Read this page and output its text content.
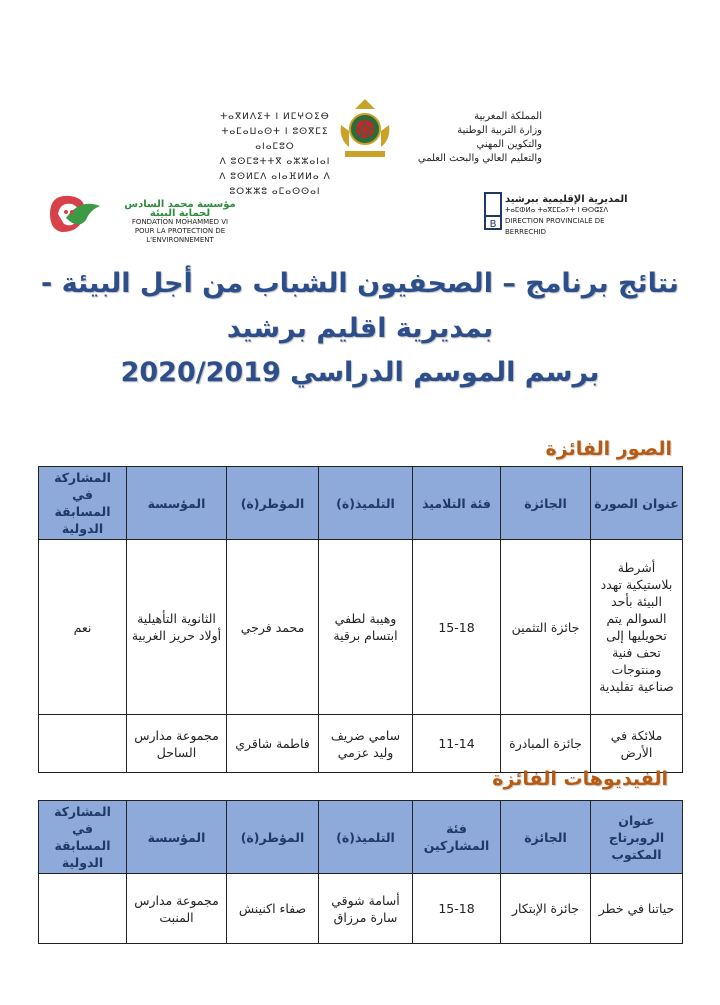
ⵜⴰⴳⵍⴷⵉⵜ ⵏ ⵍⵎⵖⵔⵉⴱ
ⵜⴰⵎⴰⵡⴰⵙⵜ ⵏ ⵓⵙⴳⵎⵉ ⴰⵏⴰⵎⵓⵔ
ⴷ ⵓⵙⵎⵓⵜⵜⴳ ⴰⵣⵣⴰⵏⴰⵏ
ⴷ ⵓⵙⵍⵎⴷ ⴰⵏⴰⴼⵍⵍⴰ ⴷ ⵓⵔⵣⵣⵓ ⴰⵎⴰⵙⵙⴰⵏ
المملكة المغربية
وزارة التربية الوطنية
والتكوين المهني
والتعليم العالي والبحث العلمي
مؤسسة محمد السادس لحماية البيئة
FONDATION MOHAMMED VI
POUR LA PROTECTION DE L'ENVIRONNEMENT
B
المديرية الإقليمية ببرشيد
ⵜⴰⵎⵀⵍⴰ ⵜⴰⴳⵎⵎⴰⵢⵜ ⵏ ⴱⵔⵛⵉⴷ
DIRECTION PROVINCIALE DE BERRECHID
نتائج برنامج – الصحفيون الشباب من أجل البيئة -
بمديرية اقليم برشيد
برسم الموسم الدراسي 2020/2019
الصور الفائزة
عنوان الصورة	الجائزة	فئة التلاميذ	التلميذ(ة)	المؤطر(ة)	المؤسسة	المشاركة في المسابقة الدولية
أشرطة بلاستيكية تهدد البيئة بأحد السوالم يتم تحويليها إلى تحف فنية ومنتوجات صناعية تقليدية	جائزة التثمين	15-18	وهيبة لطفي ابتسام برقية	محمد فرجي	الثانوية التأهيلية أولاد حريز الغربية	نعم
ملائكة في الأرض	جائزة المبادرة	11-14	سامي ضريف وليد عزمي	فاطمة شاقري	مجموعة مدارس الساحل	
الفيديوهات الفائزة
عنوان الروبرتاج المكتوب	الجائزة	فئة المشاركين	التلميذ(ة)	المؤطر(ة)	المؤسسة	المشاركة في المسابقة الدولية
حياتنا في خطر	جائزة الإبتكار	15-18	أسامة شوقي سارة مرزاق	صفاء اكنينش	مجموعة مدارس المنبت	
